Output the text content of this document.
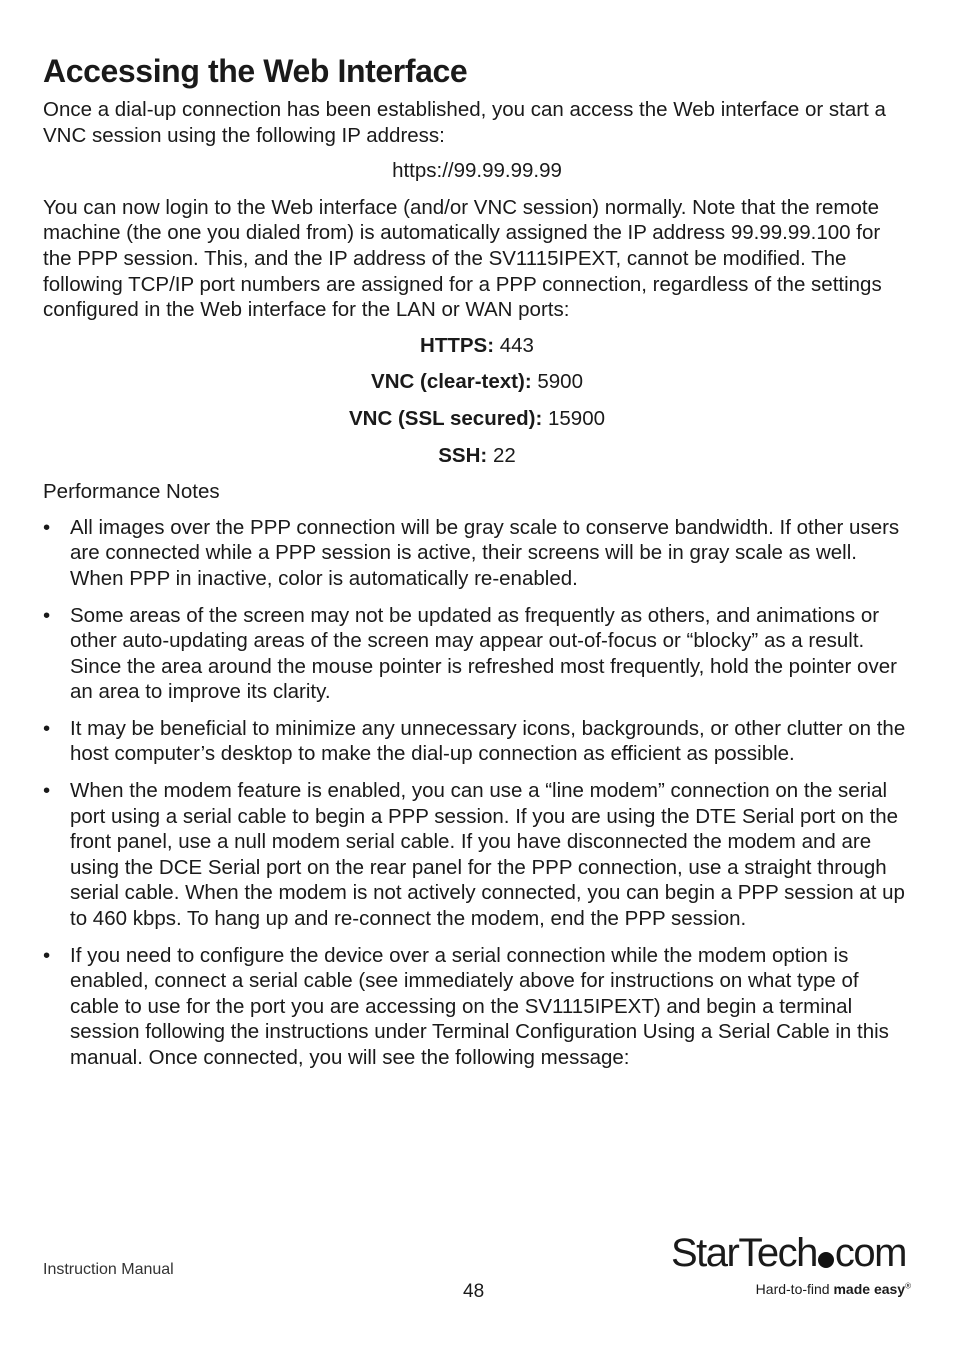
Accessing the Web Interface

Once a dial-up connection has been established, you can access the Web interface or start a VNC session using the following IP address:

https://99.99.99.99

You can now login to the Web interface (and/or VNC session) normally. Note that the remote machine (the one you dialed from) is automatically assigned the IP address 99.99.99.100 for the PPP session. This, and the IP address of the SV1115IPEXT, cannot be modified. The following TCP/IP port numbers are assigned for a PPP connection, regardless of the settings configured in the Web interface for the LAN or WAN ports:

HTTPS: 443

VNC (clear-text): 5900

VNC (SSL secured): 15900

SSH: 22

Performance Notes

• All images over the PPP connection will be gray scale to conserve bandwidth. If other users are connected while a PPP session is active, their screens will be in gray scale as well. When PPP in inactive, color is automatically re-enabled.
• Some areas of the screen may not be updated as frequently as others, and animations or other auto-updating areas of the screen may appear out-of-focus or “blocky” as a result. Since the area around the mouse pointer is refreshed most frequently, hold the pointer over an area to improve its clarity.
• It may be beneficial to minimize any unnecessary icons, backgrounds, or other clutter on the host computer’s desktop to make the dial-up connection as efficient as possible.
• When the modem feature is enabled, you can use a “line modem” connection on the serial port using a serial cable to begin a PPP session. If you are using the DTE Serial port on the front panel, use a null modem serial cable. If you have disconnected the modem and are using the DCE Serial port on the rear panel for the PPP connection, use a straight through serial cable. When the modem is not actively connected, you can begin a PPP session at up to 460 kbps. To hang up and re-connect the modem, end the PPP session.
• If you need to configure the device over a serial connection while the modem option is enabled, connect a serial cable (see immediately above for instructions on what type of cable to use for the port you are accessing on the SV1115IPEXT) and begin a terminal session following the instructions under Terminal Configuration Using a Serial Cable in this manual. Once connected, you will see the following message:
Instruction Manual
48
StarTech com
Hard-to-find made easy®
